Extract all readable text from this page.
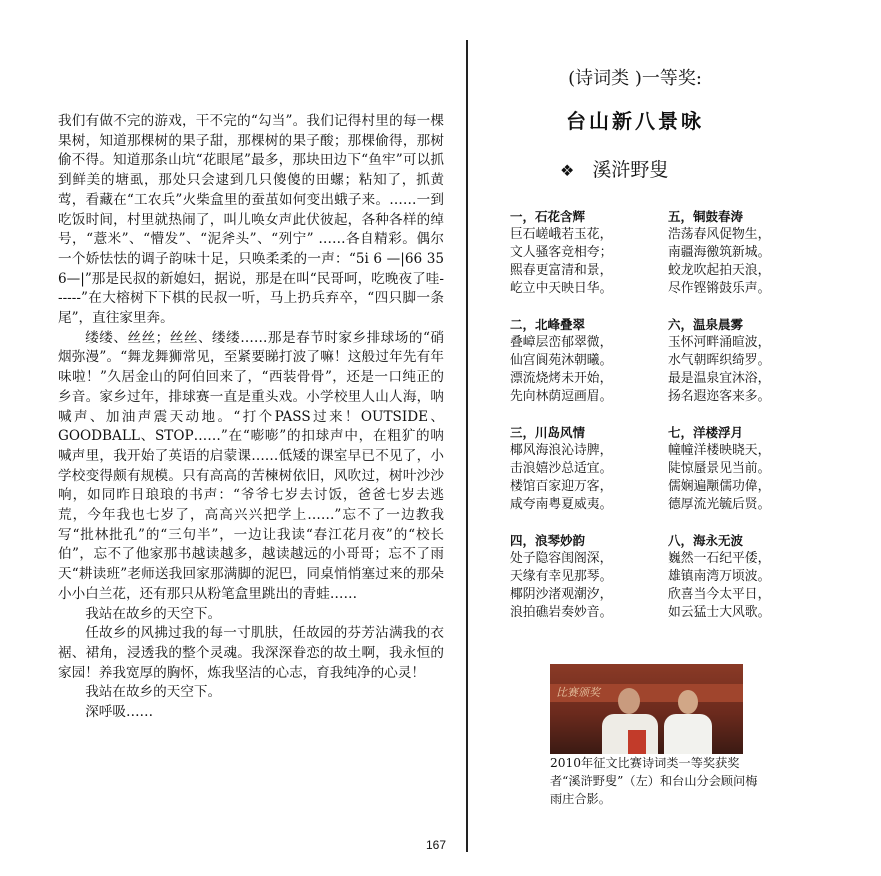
我们有做不完的游戏，干不完的“勾当”。我们记得村里的每一棵果树，知道那棵树的果子甜，那棵树的果子酸；那棵偷得，那树偷不得。知道那条山坑“花眼尾”最多，那块田边下“鱼牢”可以抓到鲜美的塘虱，那处只会逮到几只傻傻的田螺；粘知了，抓黄莺，看藏在“工农兵”火柴盒里的蚕茧如何变出蛾子来。……一到吃饭时间，村里就热闹了，叫儿唤女声此伏彼起，各种各样的绰号，“薏米”、“懵发”、“泥斧头”、“列宁” ……各自精彩。偶尔一个娇怯怯的调子韵味十足，只唤柔柔的一声：“5i 6 —|66 35 6—|”那是民叔的新媳妇，据说，那是在叫“民哥呵，吃晚夜了哇------”在大榕树下下棋的民叔一听，马上扔兵弃卒，“四只脚一条尾”，直往家里奔。

缕缕、丝丝；丝丝、缕缕……那是春节时家乡排球场的“硝烟弥漫”。“舞龙舞狮常见，至紧要睇打波了嘛！这般过年先有年味啦！”久居金山的阿伯回来了，“西装骨骨”，还是一口纯正的乡音。家乡过年，排球赛一直是重头戏。小学校里人山人海，呐喊声、加油声震天动地。“打个PASS过来！OUTSIDE、GOODBALL、STOP……”在“嘭嘭”的扣球声中，在粗犷的呐喊声里，我开始了英语的启蒙课……低矮的课室早已不见了，小学校变得颇有规模。只有高高的苦楝树依旧，风吹过，树叶沙沙响，如同昨日琅琅的书声：“爷爷七岁去讨饭，爸爸七岁去逃荒，今年我也七岁了，高高兴兴把学上……”忘不了一边教我写“批林批孔”的“三句半”，一边让我读“春江花月夜”的“校长伯”，忘不了他家那书越读越多，越读越远的小哥哥；忘不了雨天“耕读班”老师送我回家那满脚的泥巴，同桌悄悄塞过来的那朵小小白兰花，还有那只从粉笔盒里跳出的青蛙……

我站在故乡的天空下。

任故乡的风拂过我的每一寸肌肤，任故园的芬芳沾满我的衣裾、裙角，浸透我的整个灵魂。我深深眷恋的故土啊，我永恒的家园！养我宽厚的胸怀，炼我坚洁的心志，育我纯净的心灵！

我站在故乡的天空下。

深呼吸……

(诗词类 )一等奖:
台山新八景咏
❖ 溪浒野叟
一，石花含辉
巨石嵯峨若玉花，
文人骚客竞相夸；
熙春更富清和景，
屹立中天映日华。
五，铜鼓春涛
浩荡春风促物生，
南疆海徼筑新城。
蛟龙吹起拍天浪，
尽作铿锵鼓乐声。
二，北峰叠翠
叠嶂层峦郁翠微，
仙宫阆苑沐朝曦。
漂流烧烤未开始，
先向林荫逗画眉。
六，温泉晨雾
玉怀河畔涌暄波，
水气朝晖织绮罗。
最是温泉宜沐浴，
扬名遐迩客来多。
三，川岛风情
椰风海浪沁诗脾，
击浪嬉沙总适宜。
楼馆百家迎万客，
咸夸南粤夏威夷。
七，洋楼浮月
幢幢洋楼映晓天，
陡惊蜃景见当前。
儒娴遍颙儒功偉，
德厚流光毓后贤。
四，浪琴妙韵
处子隐容闺阁深，
天缘有幸见那琴。
椰阴沙渚观潮汐，
浪拍礁岩奏妙音。
八，海永无波
巍然一石纪平倭，
雄镇南湾万顷波。
欣喜当今太平日，
如云猛士大风歌。
比赛颁奖
2010年征文比赛诗词类一等奖获奖者“溪浒野叟”（左）和台山分会顾问梅雨庄合影。
167
